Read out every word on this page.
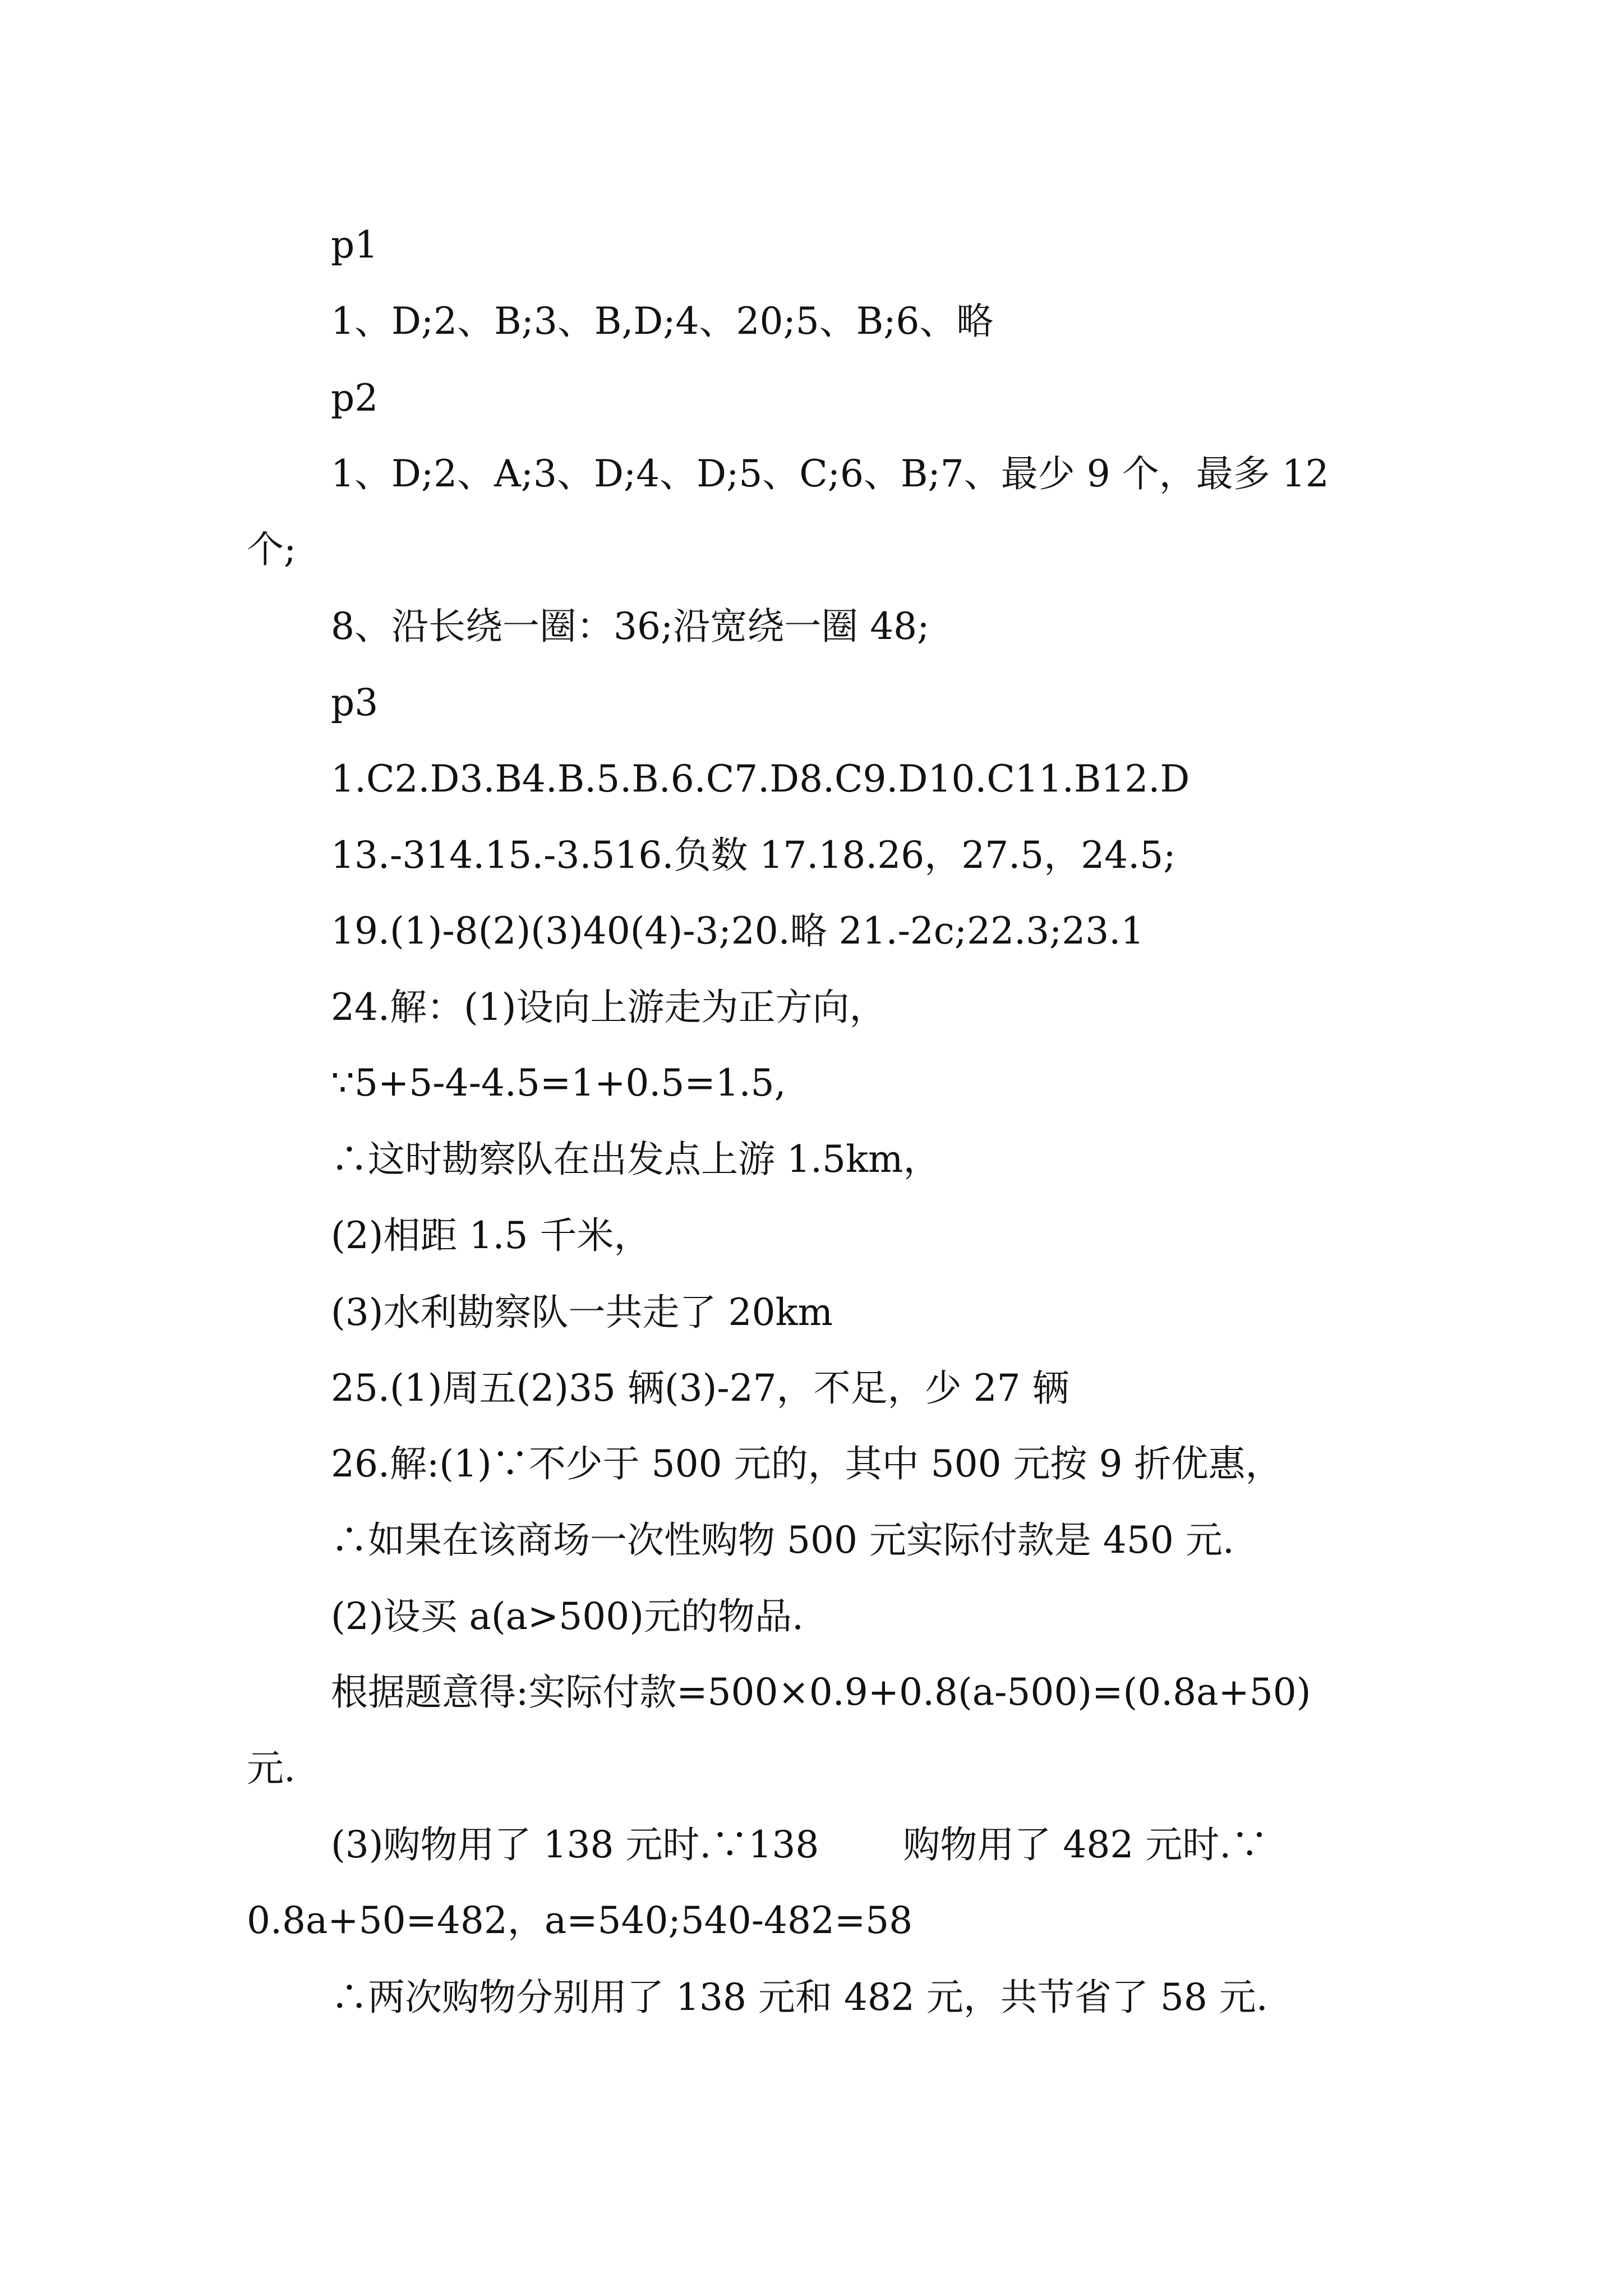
p1
1、D;2、B;3、B,D;4、20;5、B;6、略
p2
1、D;2、A;3、D;4、D;5、C;6、B;7、最少 9 个，最多 12
个;
8、沿长绕一圈：36;沿宽绕一圈 48;
p3
1.C2.D3.B4.B.5.B.6.C7.D8.C9.D10.C11.B12.D
13.-314.15.-3.516.负数 17.18.26，27.5，24.5;
19.(1)-8(2)(3)40(4)-3;20.略 21.-2c;22.3;23.1
24.解：(1)设向上游走为正方向，
∵5+5-4-4.5=1+0.5=1.5,
∴这时勘察队在出发点上游 1.5km，
(2)相距 1.5 千米，
(3)水利勘察队一共走了 20km
25.(1)周五(2)35 辆(3)-27，不足，少 27 辆
26.解:(1)∵不少于 500 元的，其中 500 元按 9 折优惠，
∴如果在该商场一次性购物 500 元实际付款是 450 元.
(2)设买 a(a>500)元的物品.
根据题意得:实际付款=500×0.9+0.8(a-500)=(0.8a+50)
元.
(3)购物用了 138 元时.∵138 购物用了 482 元时.∵
0.8a+50=482，a=540;540-482=58
∴两次购物分别用了 138 元和 482 元，共节省了 58 元.
